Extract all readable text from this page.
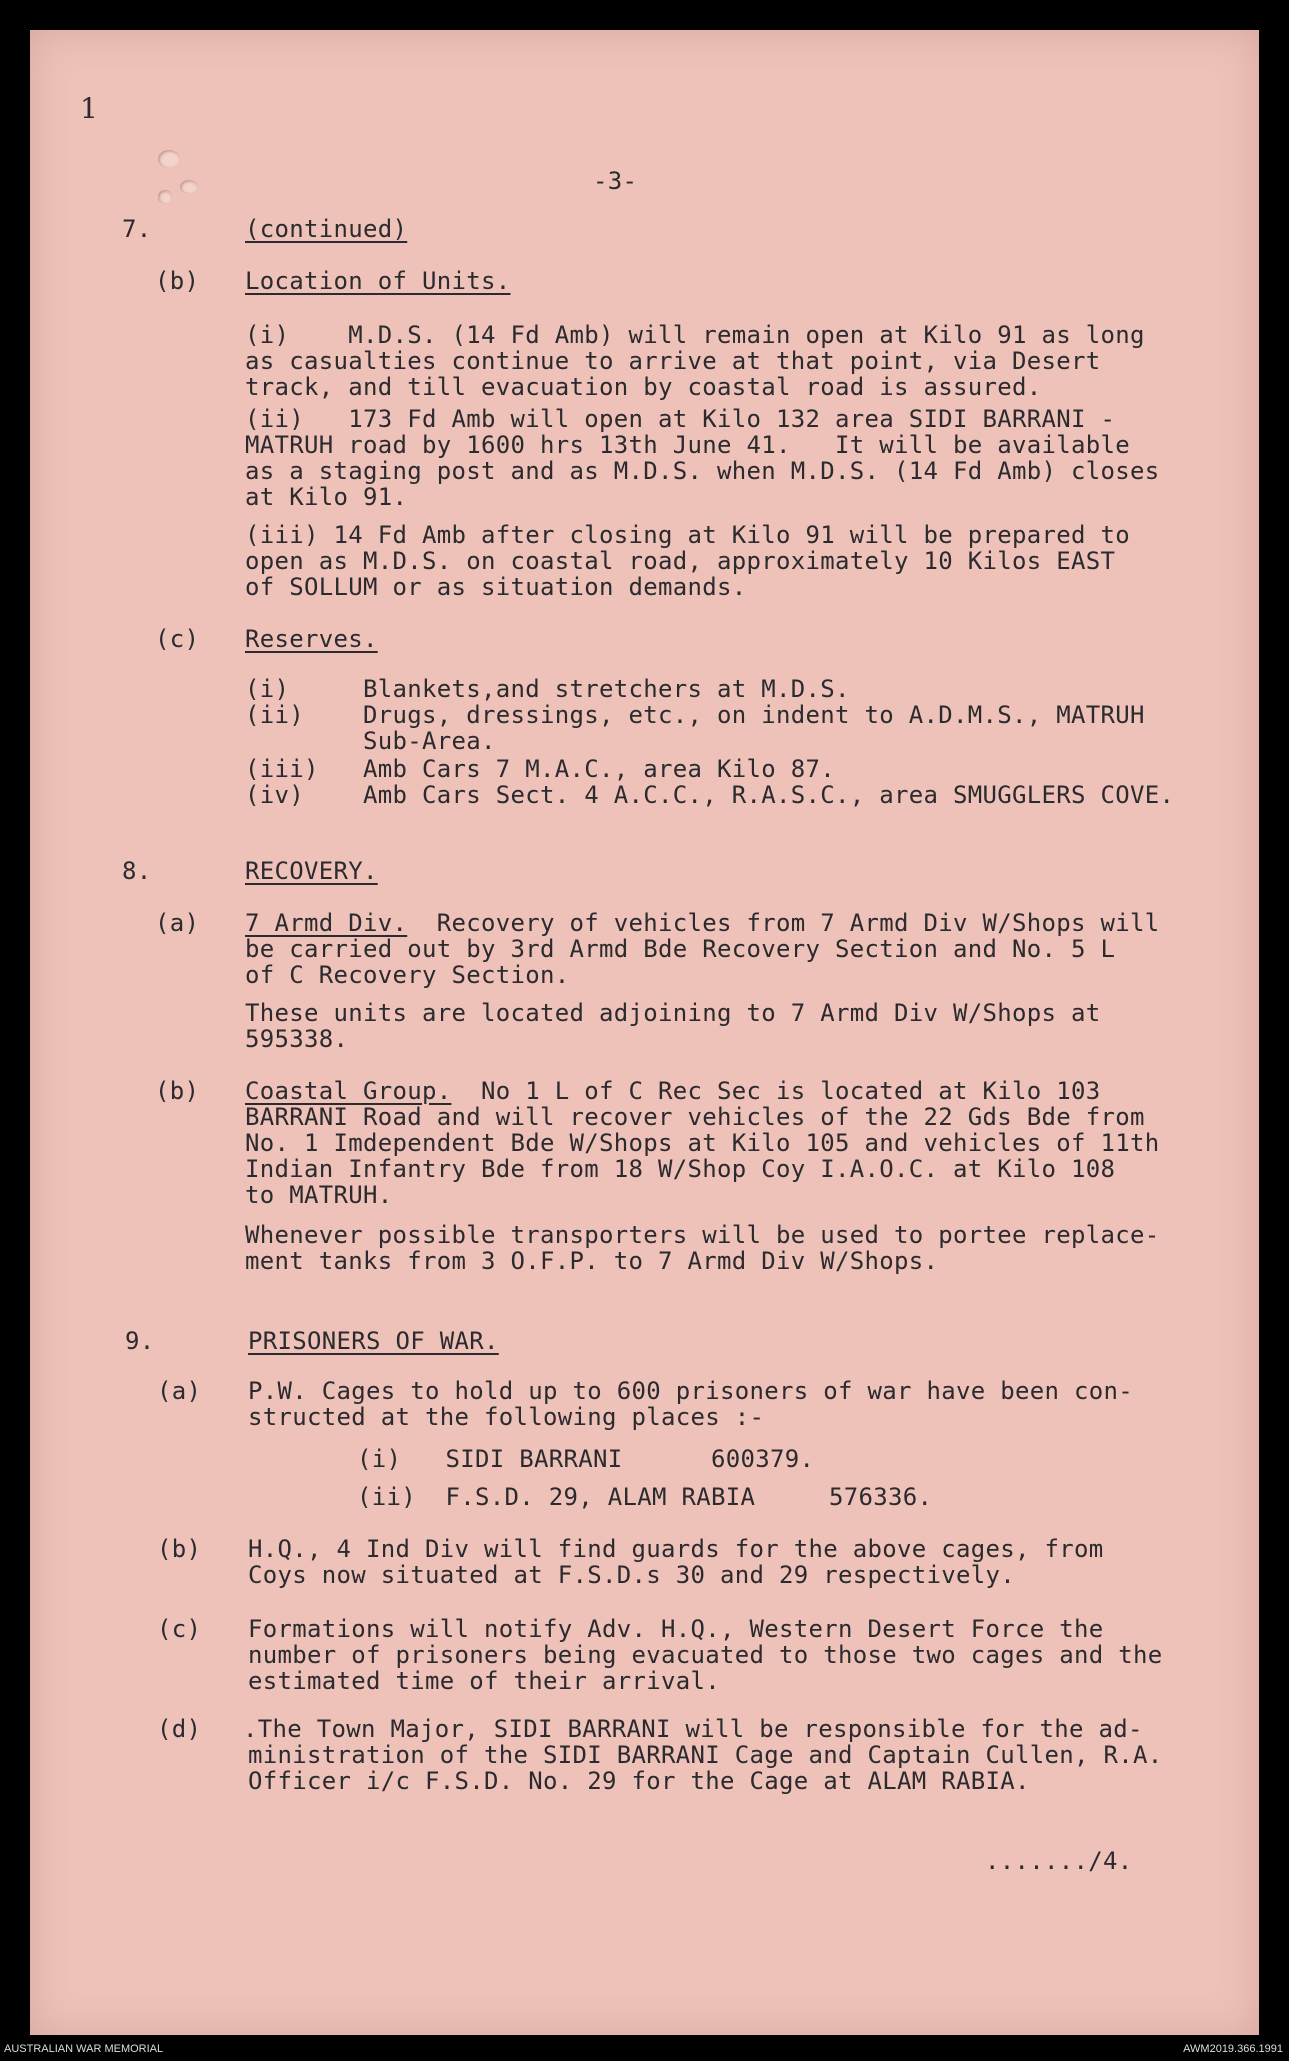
1
-3-
7.	(continued)
(b) Location of Units.
(i)    M.D.S. (14 Fd Amb) will remain open at Kilo 91 as long
as casualties continue to arrive at that point, via Desert
track, and till evacuation by coastal road is assured.
(ii)   173 Fd Amb will open at Kilo 132 area SIDI BARRANI -
MATRUH road by 1600 hrs 13th June 41.   It will be available
as a staging post and as M.D.S. when M.D.S. (14 Fd Amb) closes
at Kilo 91.
(iii) 14 Fd Amb after closing at Kilo 91 will be prepared to
open as M.D.S. on coastal road, approximately 10 Kilos EAST
of SOLLUM or as situation demands.
(c) Reserves.
(i)     Blankets,and stretchers at M.D.S.
(ii)    Drugs, dressings, etc., on indent to A.D.M.S., MATRUH
Sub-Area.
(iii)   Amb Cars 7 M.A.C., area Kilo 87.
(iv)    Amb Cars Sect. 4 A.C.C., R.A.S.C., area SMUGGLERS COVE.
8.	RECOVERY.
(a) 7 Armd Div.  Recovery of vehicles from 7 Armd Div W/Shops will
be carried out by 3rd Armd Bde Recovery Section and No. 5 L
of C Recovery Section.
These units are located adjoining to 7 Armd Div W/Shops at
595338.
(b) Coastal Group.  No 1 L of C Rec Sec is located at Kilo 103
BARRANI Road and will recover vehicles of the 22 Gds Bde from
No. 1 Imdependent Bde W/Shops at Kilo 105 and vehicles of 11th
Indian Infantry Bde from 18 W/Shop Coy I.A.O.C. at Kilo 108
to MATRUH.
Whenever possible transporters will be used to portee replace-
ment tanks from 3 O.F.P. to 7 Armd Div W/Shops.
9.	PRISONERS OF WAR.
(a) P.W. Cages to hold up to 600 prisoners of war have been con-
structed at the following places :-
(i)   SIDI BARRANI      600379.
(ii)  F.S.D. 29, ALAM RABIA     576336.
(b) H.Q., 4 Ind Div will find guards for the above cages, from
Coys now situated at F.S.D.s 30 and 29 respectively.
(c) Formations will notify Adv. H.Q., Western Desert Force the
number of prisoners being evacuated to those two cages and the
estimated time of their arrival.
(d) .The Town Major, SIDI BARRANI will be responsible for the ad-
ministration of the SIDI BARRANI Cage and Captain Cullen, R.A.
Officer i/c F.S.D. No. 29 for the Cage at ALAM RABIA.
......./4.
AUSTRALIAN WAR MEMORIAL	AWM2019.366.1991
